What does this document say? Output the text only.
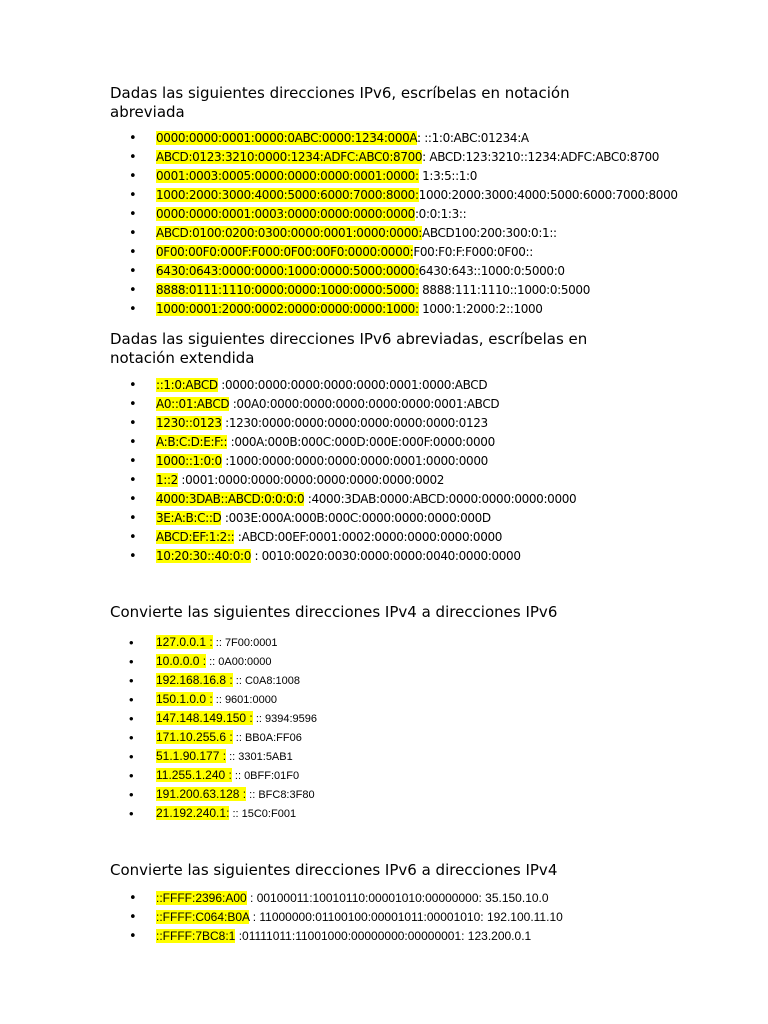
Dadas las siguientes direcciones IPv6, escríbelas en notación abreviada
• 0000:0000:0001:0000:0ABC:0000:1234:000A: ::1:0:ABC:01234:A
• ABCD:0123:3210:0000:1234:ADFC:ABC0:8700: ABCD:123:3210::1234:ADFC:ABC0:8700
• 0001:0003:0005:0000:0000:0000:0001:0000: 1:3:5::1:0
• 1000:2000:3000:4000:5000:6000:7000:8000:1000:2000:3000:4000:5000:6000:7000:8000
• 0000:0000:0001:0003:0000:0000:0000:0000:0:0:1:3::
• ABCD:0100:0200:0300:0000:0001:0000:0000:ABCD100:200:300:0:1::
• 0F00:00F0:000F:F000:0F00:00F0:0000:0000:F00:F0:F:F000:0F00::
• 6430:0643:0000:0000:1000:0000:5000:0000:6430:643::1000:0:5000:0
• 8888:0111:1110:0000:0000:1000:0000:5000: 8888:111:1110::1000:0:5000
• 1000:0001:2000:0002:0000:0000:0000:1000: 1000:1:2000:2::1000
Dadas las siguientes direcciones IPv6 abreviadas, escríbelas en notación extendida
• ::1:0:ABCD :0000:0000:0000:0000:0000:0001:0000:ABCD
• A0::01:ABCD :00A0:0000:0000:0000:0000:0000:0001:ABCD
• 1230::0123 :1230:0000:0000:0000:0000:0000:0000:0123
• A:B:C:D:E:F:: :000A:000B:000C:000D:000E:000F:0000:0000
• 1000::1:0:0 :1000:0000:0000:0000:0000:0001:0000:0000
• 1::2 :0001:0000:0000:0000:0000:0000:0000:0002
• 4000:3DAB::ABCD:0:0:0:0 :4000:3DAB:0000:ABCD:0000:0000:0000:0000
• 3E:A:B:C::D :003E:000A:000B:000C:0000:0000:0000:000D
• ABCD:EF:1:2:: :ABCD:00EF:0001:0002:0000:0000:0000:0000
• 10:20:30::40:0:0 : 0010:0020:0030:0000:0000:0040:0000:0000
Convierte las siguientes direcciones IPv4 a direcciones IPv6
• 127.0.0.1 : :: 7F00:0001
• 10.0.0.0 : :: 0A00:0000
• 192.168.16.8 : :: C0A8:1008
• 150.1.0.0 : :: 9601:0000
• 147.148.149.150 : :: 9394:9596
• 171.10.255.6 : :: BB0A:FF06
• 51.1.90.177 : :: 3301:5AB1
• 11.255.1.240 : :: 0BFF:01F0
• 191.200.63.128 : :: BFC8:3F80
• 21.192.240.1: :: 15C0:F001
Convierte las siguientes direcciones IPv6 a direcciones IPv4
• ::FFFF:2396:A00 : 00100011:10010110:00001010:00000000: 35.150.10.0
• ::FFFF:C064:B0A : 11000000:01100100:00001011:00001010: 192.100.11.10
• ::FFFF:7BC8:1 :01111011:11001000:00000000:00000001: 123.200.0.1
